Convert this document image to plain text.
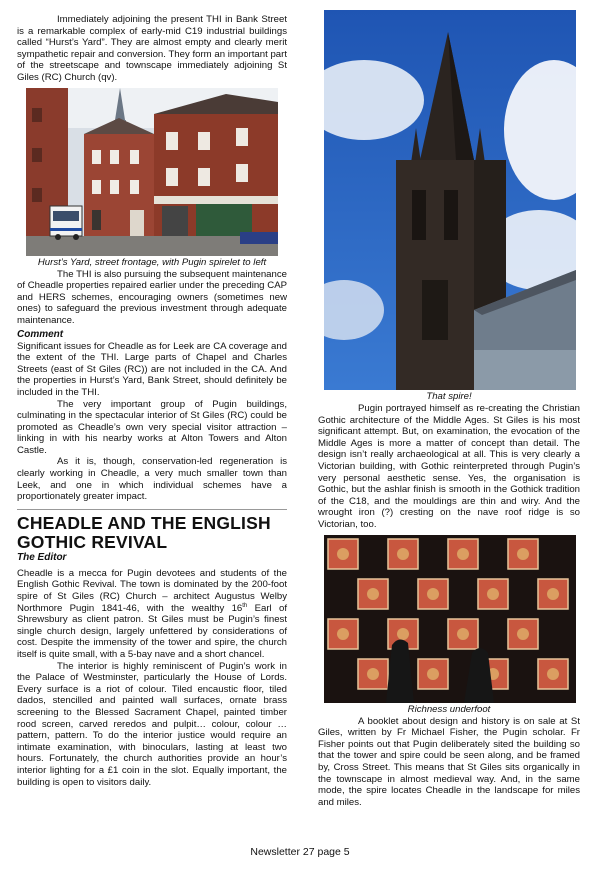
Immediately adjoining the present THI in Bank Street is a remarkable complex of early-mid C19 industrial buildings called “Hurst’s Yard”. They are almost empty and clearly merit sympathetic repair and conversion. They form an important part of the streetscape and townscape immediately adjoining St Giles (RC) Church (qv).

Hurst’s Yard, street frontage, with Pugin spirelet to left

The THI is also pursuing the subsequent maintenance of Cheadle properties repaired earlier under the preceding CAP and HERS schemes, encouraging owners (sometimes new ones) to safeguard the previous investment through adequate maintenance.

Comment

Significant issues for Cheadle as for Leek are CA coverage and the extent of the THI. Large parts of Chapel and Charles Streets (east of St Giles (RC)) are not included in the CA. And the properties in Hurst’s Yard, Bank Street, should definitely be included in the THI.

The very important group of Pugin buildings, culminating in the spectacular interior of St Giles (RC) could be promoted as Cheadle’s own very special visitor attraction – linking in with his nearby works at Alton Towers and Alton Castle.

As it is, though, conservation-led regeneration is clearly working in Cheadle, a very much smaller town than Leek, and one in which individual schemes have a proportionately greater impact.

CHEADLE AND THE ENGLISH GOTHIC REVIVAL
The Editor

Cheadle is a mecca for Pugin devotees and students of the English Gothic Revival. The town is dominated by the 200-foot spire of St Giles (RC) Church – architect Augustus Welby Northmore Pugin 1841-46, with the wealthy 16th Earl of Shrewsbury as client patron. St Giles must be Pugin’s finest single church design, largely unfettered by considerations of cost. Despite the immensity of the tower and spire, the church itself is quite small, with a 5-bay nave and a short chancel.

The interior is highly reminiscent of Pugin’s work in the Palace of Westminster, particularly the House of Lords. Every surface is a riot of colour. Tiled encaustic floor, tiled dados, stencilled and painted wall surfaces, ornate brass screening to the Blessed Sacrament Chapel, painted timber rood screen, carved reredos and pulpit… colour, colour … pattern, pattern. To do the interior justice would require an intimate examination, with binoculars, lasting at least two hours. Fortunately, the church authorities provide an hour’s interior lighting for a £1 coin in the slot. Equally important, the building is open to visitors daily.

That spire!

Pugin portrayed himself as re-creating the Christian Gothic architecture of the Middle Ages. St Giles is his most significant attempt. But, on examination, the evocation of the Middle Ages is more a matter of concept than detail. The design isn’t really archaeological at all. This is very clearly a Victorian building, with Gothic reinterpreted through Pugin’s very personal aesthetic sense. Yes, the organisation is Gothic, but the ashlar finish is smooth in the Gothick tradition of the C18, and the mouldings are thin and wiry. And the wrought iron (?) cresting on the nave roof ridge is so Victorian, too.

Richness underfoot

A booklet about design and history is on sale at St Giles, written by Fr Michael Fisher, the Pugin scholar. Fr Fisher points out that Pugin deliberately sited the building so that the tower and spire could be seen along, and be framed by, Cross Street. This means that St Giles sits organically in the townscape in almost medieval way. And, in the same mode, the spire locates Cheadle in the landscape for miles and miles.

Newsletter 27 page 5
